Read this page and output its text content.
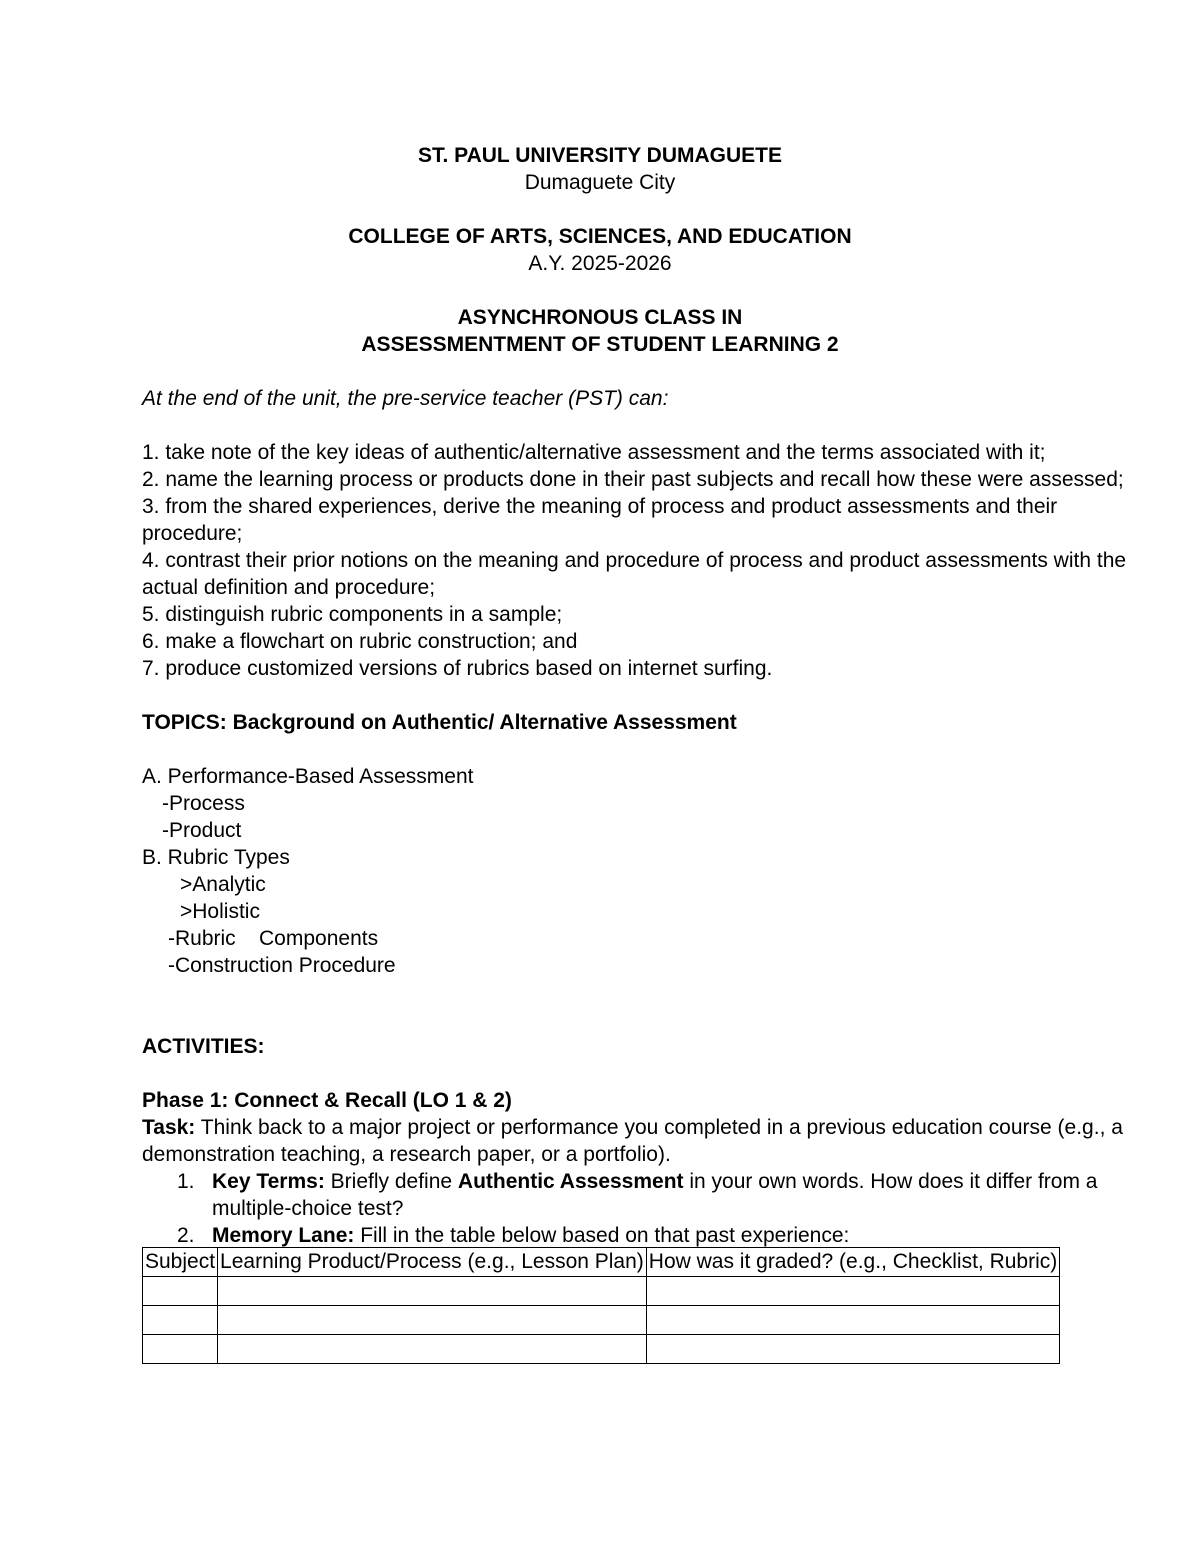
ST. PAUL UNIVERSITY DUMAGUETE
Dumaguete City
COLLEGE OF ARTS, SCIENCES, AND EDUCATION
A.Y. 2025-2026
ASYNCHRONOUS CLASS IN
ASSESSMENTMENT OF STUDENT LEARNING 2
At the end of the unit, the pre-service teacher (PST) can:
1. take note of the key ideas of authentic/alternative assessment and the terms associated with it;
2. name the learning process or products done in their past subjects and recall how these were assessed;
3. from the shared experiences, derive the meaning of process and product assessments and their
procedure;
4. contrast their prior notions on the meaning and procedure of process and product assessments with the
actual definition and procedure;
5. distinguish rubric components in a sample;
6. make a flowchart on rubric construction; and
7. produce customized versions of rubrics based on internet surfing.
TOPICS: Background on Authentic/ Alternative Assessment
A. Performance-Based Assessment
-Process
-Product
B. Rubric Types
>Analytic
>Holistic
-Rubric    Components
-Construction Procedure
ACTIVITIES:
Phase 1: Connect & Recall (LO 1 & 2)
Task: Think back to a major project or performance you completed in a previous education course (e.g., a
demonstration teaching, a research paper, or a portfolio).
1. Key Terms: Briefly define Authentic Assessment in your own words. How does it differ from a
multiple-choice test?
2. Memory Lane: Fill in the table below based on that past experience:
Subject	Learning Product/Process (e.g., Lesson Plan)	How was it graded? (e.g., Checklist, Rubric)
